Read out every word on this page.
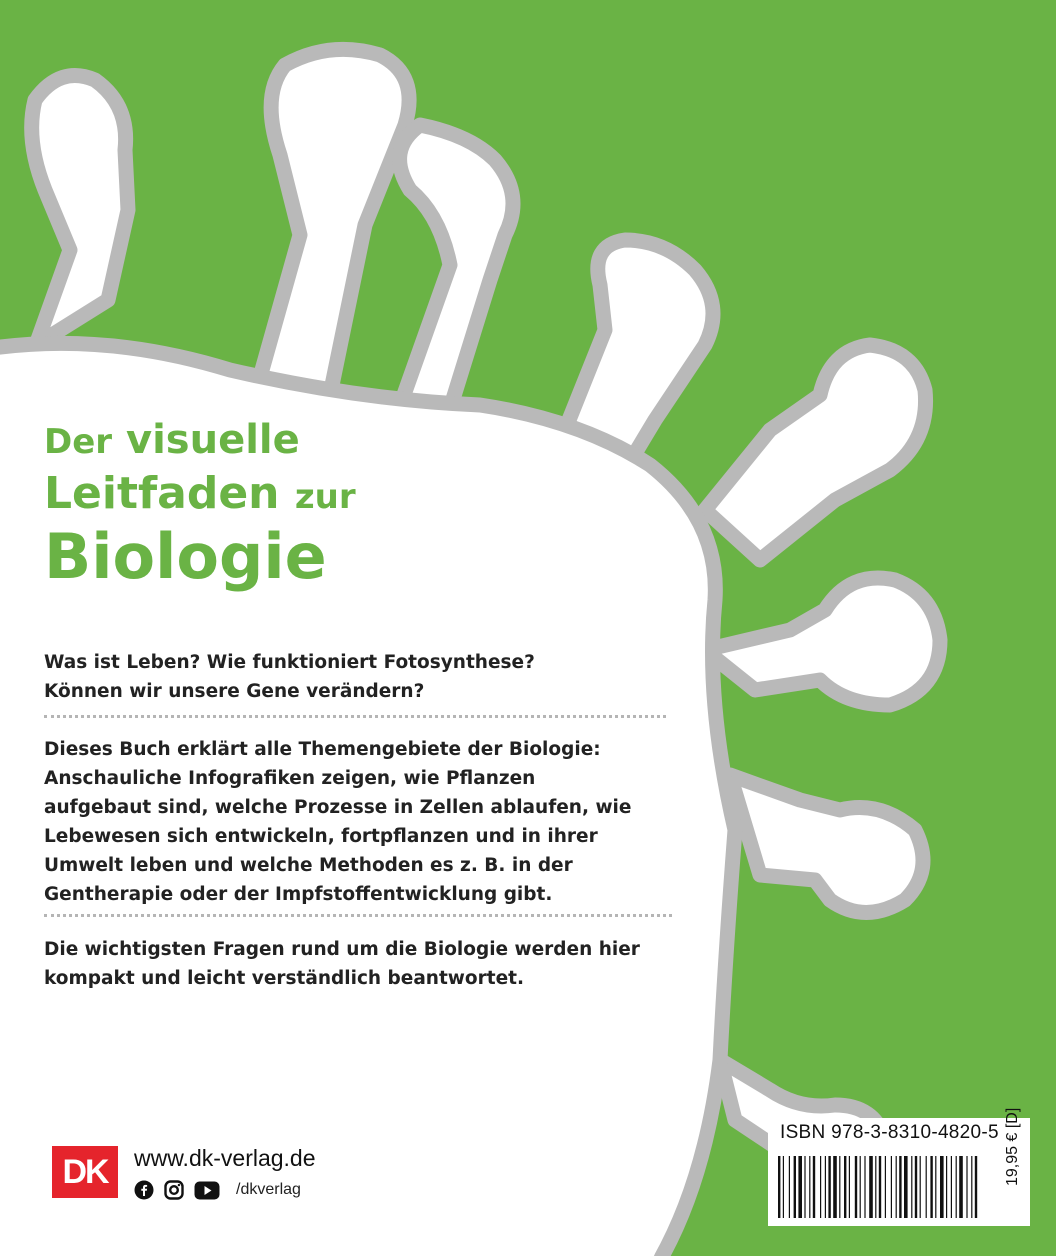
Der visuelle
Leitfaden zur
Biologie
Was ist Leben? Wie funktioniert Fotosynthese? Können wir unsere Gene verändern?
Dieses Buch erklärt alle Themengebiete der Biologie: Anschauliche Infografiken zeigen, wie Pflanzen aufgebaut sind, welche Prozesse in Zellen ablaufen, wie Lebewesen sich entwickeln, fortpflanzen und in ihrer Umwelt leben und welche Methoden es z. B. in der Gentherapie oder der Impfstoffentwicklung gibt.
Die wichtigsten Fragen rund um die Biologie werden hier kompakt und leicht verständlich beantwortet.
DK	www.dk-verlag.de
/dkverlag
ISBN 978-3-8310-4820-5 19,95 € [D]
